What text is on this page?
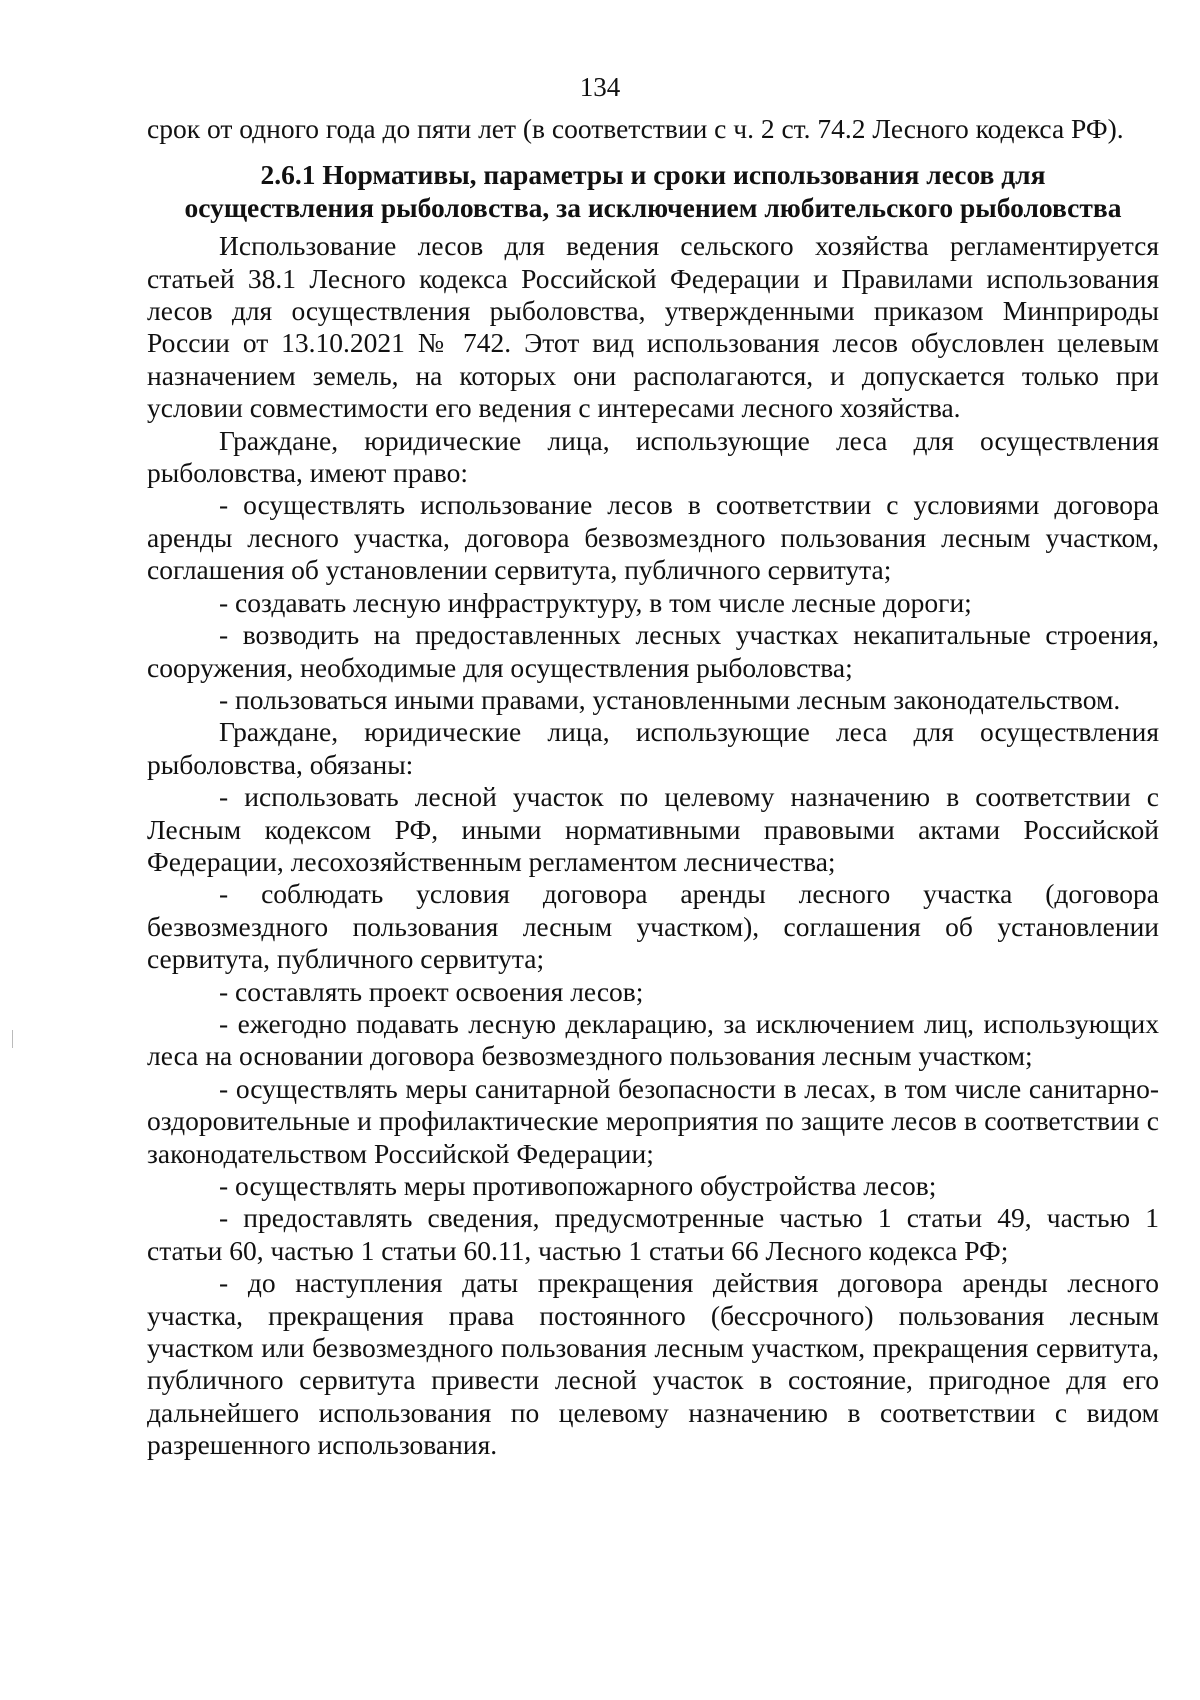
134

срок от одного года до пяти лет (в соответствии с ч. 2 ст. 74.2 Лесного кодекса РФ).

2.6.1 Нормативы, параметры и сроки использования лесов для
осуществления рыболовства, за исключением любительского рыболовства

Использование лесов для ведения сельского хозяйства регламентируется статьей 38.1 Лесного кодекса Российской Федерации и Правилами использования лесов для осуществления рыболовства, утвержденными приказом Минприроды России от 13.10.2021 № 742. Этот вид использования лесов обусловлен целевым назначением земель, на которых они располагаются, и допускается только при условии совместимости его ведения с интересами лесного хозяйства.

Граждане, юридические лица, использующие леса для осуществления рыболовства, имеют право:

- осуществлять использование лесов в соответствии с условиями договора аренды лесного участка, договора безвозмездного пользования лесным участком, соглашения об установлении сервитута, публичного сервитута;

- создавать лесную инфраструктуру, в том числе лесные дороги;

- возводить на предоставленных лесных участках некапитальные строения, сооружения, необходимые для осуществления рыболовства;

- пользоваться иными правами, установленными лесным законодательством.

Граждане, юридические лица, использующие леса для осуществления рыболовства, обязаны:

- использовать лесной участок по целевому назначению в соответствии с Лесным кодексом РФ, иными нормативными правовыми актами Российской Федерации, лесохозяйственным регламентом лесничества;

- соблюдать условия договора аренды лесного участка (договора безвозмездного пользования лесным участком), соглашения об установлении сервитута, публичного сервитута;

- составлять проект освоения лесов;

- ежегодно подавать лесную декларацию, за исключением лиц, использующих леса на основании договора безвозмездного пользования лесным участком;

- осуществлять меры санитарной безопасности в лесах, в том числе санитарно-оздоровительные и профилактические мероприятия по защите лесов в соответствии с законодательством Российской Федерации;

- осуществлять меры противопожарного обустройства лесов;

- предоставлять сведения, предусмотренные частью 1 статьи 49, частью 1 статьи 60, частью 1 статьи 60.11, частью 1 статьи 66 Лесного кодекса РФ;

- до наступления даты прекращения действия договора аренды лесного участка, прекращения права постоянного (бессрочного) пользования лесным участком или безвозмездного пользования лесным участком, прекращения сервитута, публичного сервитута привести лесной участок в состояние, пригодное для его дальнейшего использования по целевому назначению в соответствии с видом разрешенного использования.
